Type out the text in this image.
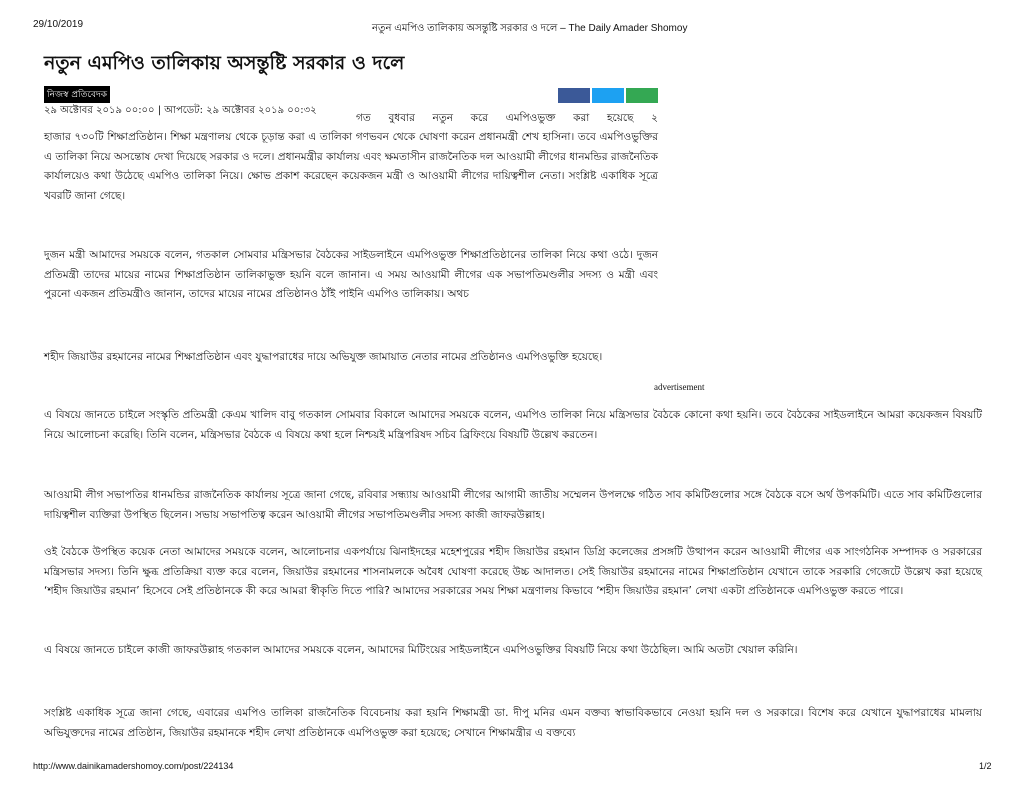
29/10/2019	নতুন এমপিও তালিকায় অসন্তুষ্টি সরকার ও দলে – The Daily Amader Shomoy
নতুন এমপিও তালিকায় অসন্তুষ্টি সরকার ও দলে
নিজস্ব প্রতিবেদক
২৯ অক্টোবর ২০১৯ ০০:০০ | আপডেট: ২৯ অক্টোবর ২০১৯ ০০:৩২

গত বুধবার নতুন করে এমপিওভুক্ত করা হয়েছে ২

হাজার ৭৩০টি শিক্ষাপ্রতিষ্ঠান। শিক্ষা মন্ত্রণালয় থেকে চূড়ান্ত করা এ তালিকা গণভবন থেকে ঘোষণা করেন প্রধানমন্ত্রী শেখ হাসিনা। তবে এমপিওভুক্তির এ তালিকা নিয়ে অসন্তোষ দেখা দিয়েছে সরকার ও দলে। প্রধানমন্ত্রীর কার্যালয় এবং ক্ষমতাসীন রাজনৈতিক দল আওয়ামী লীগের ধানমন্ডির রাজনৈতিক কার্যালয়েও কথা উঠেছে এমপিও তালিকা নিয়ে। ক্ষোভ প্রকাশ করেছেন কয়েকজন মন্ত্রী ও আওয়ামী লীগের দায়িত্বশীল নেতা। সংশ্লিষ্ট একাধিক সূত্রে খবরটি জানা গেছে।

দুজন মন্ত্রী আমাদের সময়কে বলেন, গতকাল সোমবার মন্ত্রিসভার বৈঠকের সাইডলাইনে এমপিওভুক্ত শিক্ষাপ্রতিষ্ঠানের তালিকা নিয়ে কথা ওঠে। দুজন প্রতিমন্ত্রী তাদের মায়ের নামের শিক্ষাপ্রতিষ্ঠান তালিকাভুক্ত হয়নি বলে জানান। এ সময় আওয়ামী লীগের এক সভাপতিমণ্ডলীর সদস্য ও মন্ত্রী এবং পুরনো একজন প্রতিমন্ত্রীও জানান, তাদের মায়ের নামের প্রতিষ্ঠানও ঠাঁই পাইনি এমপিও তালিকায়। অথচ

শহীদ জিয়াউর রহমানের নামের শিক্ষাপ্রতিষ্ঠান এবং যুদ্ধাপরাধের দায়ে অভিযুক্ত জামায়াত নেতার নামের প্রতিষ্ঠানও এমপিওভুক্তি হয়েছে।

advertisement

এ বিষয়ে জানতে চাইলে সংস্কৃতি প্রতিমন্ত্রী কেএম খালিদ বাবু গতকাল সোমবার বিকালে আমাদের সময়কে বলেন, এমপিও তালিকা নিয়ে মন্ত্রিসভার বৈঠকে কোনো কথা হয়নি। তবে বৈঠকের সাইডলাইনে আমরা কয়েকজন বিষয়টি নিয়ে আলোচনা করেছি। তিনি বলেন, মন্ত্রিসভার বৈঠকে এ বিষয়ে কথা হলে নিশ্চয়ই মন্ত্রিপরিষদ সচিব ব্রিফিংয়ে বিষয়টি উল্লেখ করতেন।

আওয়ামী লীগ সভাপতির ধানমন্ডির রাজনৈতিক কার্যালয় সূত্রে জানা গেছে, রবিবার সন্ধ্যায় আওয়ামী লীগের আগামী জাতীয় সম্মেলন উপলক্ষে গঠিত সাব কমিটিগুলোর সঙ্গে বৈঠকে বসে অর্থ উপকমিটি। এতে সাব কমিটিগুলোর দায়িত্বশীল ব্যক্তিরা উপস্থিত ছিলেন। সভায় সভাপতিত্ব করেন আওয়ামী লীগের সভাপতিমণ্ডলীর সদস্য কাজী জাফরউল্লাহ।

ওই বৈঠকে উপস্থিত কয়েক নেতা আমাদের সময়কে বলেন, আলোচনার একপর্যায়ে ঝিনাইদহের মহেশপুরের শহীদ জিয়াউর রহমান ডিগ্রি কলেজের প্রসঙ্গটি উত্থাপন করেন আওয়ামী লীগের এক সাংগঠনিক সম্পাদক ও সরকারের মন্ত্রিসভার সদস্য। তিনি ক্ষুব্ধ প্রতিক্রিয়া ব্যক্ত করে বলেন, জিয়াউর রহমানের শাসনামলকে অবৈধ ঘোষণা করেছে উচ্চ আদালত। সেই জিয়াউর রহমানের নামের শিক্ষাপ্রতিষ্ঠান যেখানে তাকে সরকারি গেজেটে উল্লেখ করা হয়েছে ‘শহীদ জিয়াউর রহমান’ হিসেবে সেই প্রতিষ্ঠানকে কী করে আমরা স্বীকৃতি দিতে পারি? আমাদের সরকারের সময় শিক্ষা মন্ত্রণালয় কিভাবে ‘শহীদ জিয়াউর রহমান’ লেখা একটা প্রতিষ্ঠানকে এমপিওভুক্ত করতে পারে।

এ বিষয়ে জানতে চাইলে কাজী জাফরউল্লাহ গতকাল আমাদের সময়কে বলেন, আমাদের মিটিংয়ের সাইডলাইনে এমপিওভুক্তির বিষয়টি নিয়ে কথা উঠেছিল। আমি অতটা খেয়াল করিনি।

সংশ্লিষ্ট একাধিক সূত্রে জানা গেছে, এবারের এমপিও তালিকা রাজনৈতিক বিবেচনায় করা হয়নি শিক্ষামন্ত্রী ডা. দীপু মনির এমন বক্তব্য স্বাভাবিকভাবে নেওয়া হয়নি দল ও সরকারে। বিশেষ করে যেখানে যুদ্ধাপরাধের মামলায় অভিযুক্তদের নামের প্রতিষ্ঠান, জিয়াউর রহমানকে শহীদ লেখা প্রতিষ্ঠানকে এমপিওভুক্ত করা হয়েছে; সেখানে শিক্ষামন্ত্রীর এ বক্তব্যে

http://www.dainikamadershomoy.com/post/224134	1/2
